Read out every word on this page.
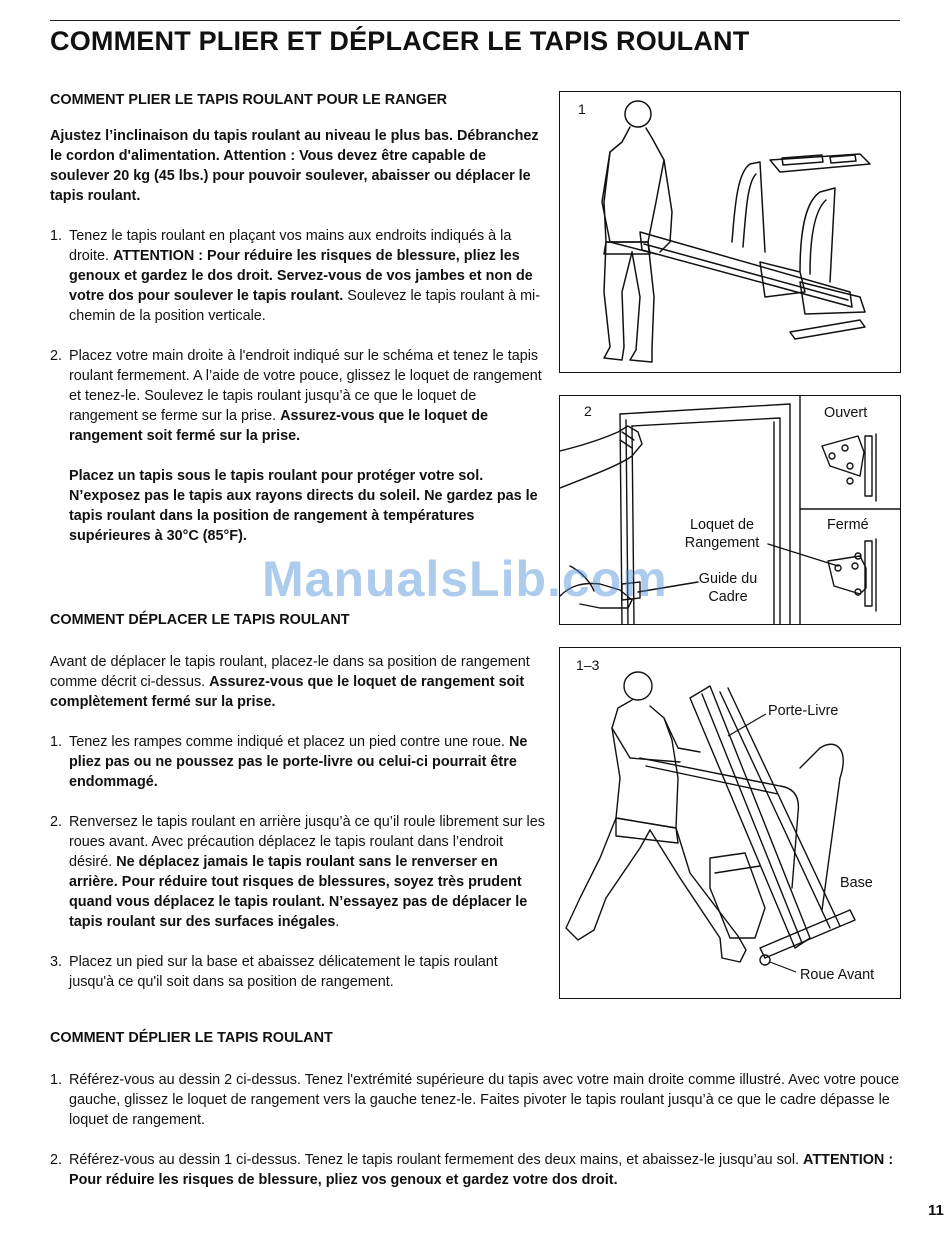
COMMENT PLIER ET DÉPLACER LE TAPIS ROULANT

COMMENT PLIER LE TAPIS ROULANT POUR LE RANGER

Ajustez l’inclinaison du tapis roulant au niveau le plus bas. Débranchez le cordon d'alimentation. Attention : Vous devez être capable de soulever 20 kg (45 lbs.) pour pouvoir soulever, abaisser ou déplacer le tapis roulant.

1. Tenez le tapis roulant en plaçant vos mains aux endroits indiqués à la droite. ATTENTION : Pour réduire les risques de blessure, pliez les genoux et gardez le dos droit. Servez-vous de vos jambes et non de votre dos pour soulever le tapis roulant. Soulevez le tapis roulant à mi-chemin de la position verticale.
2. Placez votre main droite à l'endroit indiqué sur le schéma et tenez le tapis roulant fermement. A l’aide de votre pouce, glissez le loquet de rangement et tenez-le. Soulevez le tapis roulant jusqu’à ce que le loquet de rangement se ferme sur la prise. Assurez-vous que le loquet de rangement soit fermé sur la prise.

Placez un tapis sous le tapis roulant pour protéger votre sol. N’exposez pas le tapis aux rayons directs du soleil. Ne gardez pas le tapis roulant dans la position de rangement à températures supérieures à 30°C (85°F).

COMMENT DÉPLACER LE TAPIS ROULANT

Avant de déplacer le tapis roulant, placez-le dans sa position de rangement comme décrit ci-dessus. Assurez-vous que le loquet de rangement soit complètement fermé sur la prise.

1. Tenez les rampes comme indiqué et placez un pied contre une roue. Ne pliez pas ou ne poussez pas le porte-livre ou celui-ci pourrait être endommagé.
2. Renversez le tapis roulant en arrière jusqu’à ce qu’il roule librement sur les roues avant. Avec précaution déplacez le tapis roulant dans l’endroit désiré. Ne déplacez jamais le tapis roulant sans le renverser en arrière. Pour réduire tout risques de blessures, soyez très prudent quand vous déplacez le tapis roulant. N’essayez pas de déplacer le tapis roulant sur des surfaces inégales.
3. Placez un pied sur la base et abaissez délicatement le tapis roulant jusqu'à ce qu'il soit dans sa position de rangement.

COMMENT DÉPLIER LE TAPIS ROULANT

1. Référez-vous au dessin 2 ci-dessus. Tenez l'extrémité supérieure du tapis avec votre main droite comme illustré. Avec votre pouce gauche, glissez le loquet de rangement vers la gauche tenez-le. Faites pivoter le tapis roulant jusqu’à ce que le cadre dépasse le loquet de rangement.
2. Référez-vous au dessin 1 ci-dessus. Tenez le tapis roulant fermement des deux mains, et abaissez-le jusqu’au sol. ATTENTION : Pour réduire les risques de blessure, pliez vos genoux et gardez votre dos droit.
1
2	Ouvert
Fermé
Loquet de
Rangement
Guide du
Cadre
1–3
Porte-Livre
Base
Roue Avant
11
ManualsLib.com
